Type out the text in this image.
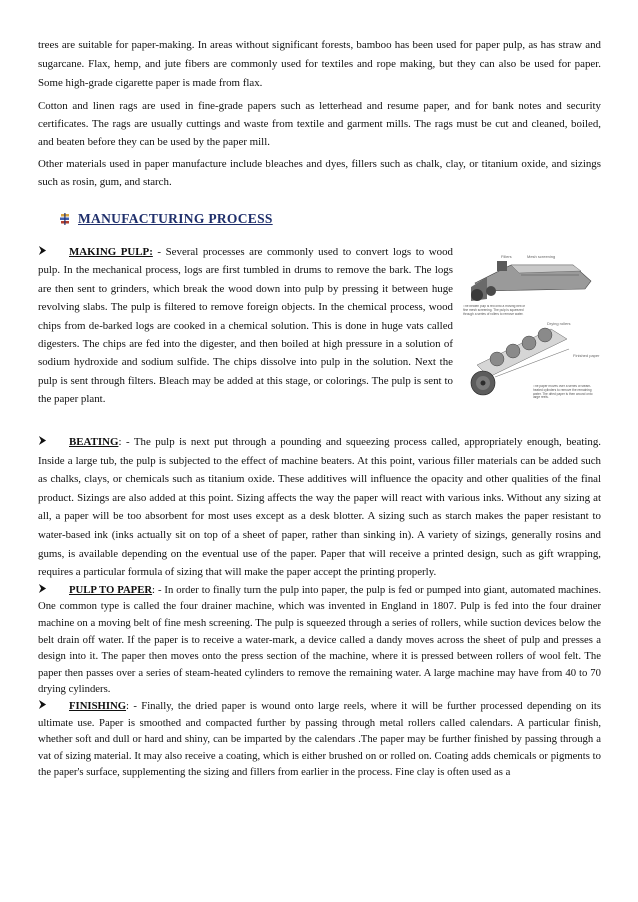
trees are suitable for paper-making. In areas without significant forests, bamboo has been used for paper pulp, as has straw and sugarcane. Flax, hemp, and jute fibers are commonly used for textiles and rope making, but they can also be used for paper. Some high-grade cigarette paper is made from flax.

Cotton and linen rags are used in fine-grade papers such as letterhead and resume paper, and for bank notes and security certificates. The rags are usually cuttings and waste from textile and garment mills. The rags must be cut and cleaned, boiled, and beaten before they can be used by the paper mill.

Other materials used in paper manufacture include bleaches and dyes, fillers such as chalk, clay, or titanium oxide, and sizings such as rosin, gum, and starch.

MANUFACTURING PROCESS

MAKING PULP: - Several processes are commonly used to convert logs to wood pulp. In the mechanical process, logs are first tumbled in drums to remove the bark. The logs are then sent to grinders, which break the wood down into pulp by pressing it between huge revolving slabs. The pulp is filtered to remove foreign objects. In the chemical process, wood chips from de-barked logs are cooked in a chemical solution. This is done in huge vats called digesters. The chips are fed into the digester, and then boiled at high pressure in a solution of sodium hydroxide and sodium sulfide. The chips dissolve into pulp in the solution. Next the pulp is sent through filters. Bleach may be added at this stage, or colorings. The pulp is sent to the paper plant.

Fillers	Mesh screening
The beaten pulp is fed onto a moving belt of fine mesh screening. The pulp is squeezed through a series of rollers to remove water.
Drying rollers
Finished paper
The paper moves over a series of steam-heated cylinders to remove the remaining water. The dried paper is then wound onto large reels.

BEATING: - The pulp is next put through a pounding and squeezing process called, appropriately enough, beating. Inside a large tub, the pulp is subjected to the effect of machine beaters. At this point, various filler materials can be added such as chalks, clays, or chemicals such as titanium oxide. These additives will influence the opacity and other qualities of the final product. Sizings are also added at this point. Sizing affects the way the paper will react with various inks. Without any sizing at all, a paper will be too absorbent for most uses except as a desk blotter. A sizing such as starch makes the paper resistant to water-based ink (inks actually sit on top of a sheet of paper, rather than sinking in). A variety of sizings, generally rosins and gums, is available depending on the eventual use of the paper. Paper that will receive a printed design, such as gift wrapping, requires a particular formula of sizing that will make the paper accept the printing properly.

PULP TO PAPER: - In order to finally turn the pulp into paper, the pulp is fed or pumped into giant, automated machines. One common type is called the four drainer machine, which was invented in England in 1807. Pulp is fed into the four drainer machine on a moving belt of fine mesh screening. The pulp is squeezed through a series of rollers, while suction devices below the belt drain off water. If the paper is to receive a water-mark, a device called a dandy moves across the sheet of pulp and presses a design into it. The paper then moves onto the press section of the machine, where it is pressed between rollers of wool felt. The paper then passes over a series of steam-heated cylinders to remove the remaining water. A large machine may have from 40 to 70 drying cylinders.

FINISHING: - Finally, the dried paper is wound onto large reels, where it will be further processed depending on its ultimate use. Paper is smoothed and compacted further by passing through metal rollers called calendars. A particular finish, whether soft and dull or hard and shiny, can be imparted by the calendars .The paper may be further finished by passing through a vat of sizing material. It may also receive a coating, which is either brushed on or rolled on. Coating adds chemicals or pigments to the paper's surface, supplementing the sizing and fillers from earlier in the process. Fine clay is often used as a
